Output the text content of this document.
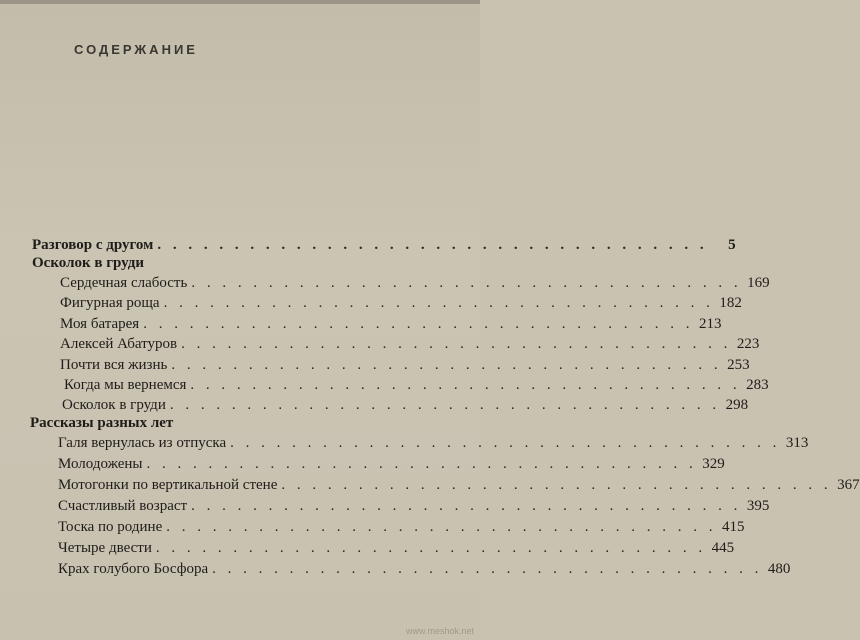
СОДЕРЖАНИЕ
Разговор с другом . . . . . . . . . . . . . . . . . . . . . . . . . . . . . . . . . . . .	5
Осколок в груди
Сердечная слабость . . . . . . . . . . . . . . . . . . . . . . . . . . . . . . . . . . . . 169
Фигурная роща . . . . . . . . . . . . . . . . . . . . . . . . . . . . . . . . . . . . 182
Моя батарея . . . . . . . . . . . . . . . . . . . . . . . . . . . . . . . . . . . . 213
Алексей Абатуров . . . . . . . . . . . . . . . . . . . . . . . . . . . . . . . . . . . . 223
Почти вся жизнь . . . . . . . . . . . . . . . . . . . . . . . . . . . . . . . . . . . . 253
Когда мы вернемся . . . . . . . . . . . . . . . . . . . . . . . . . . . . . . . . . . . . 283
Осколок в груди . . . . . . . . . . . . . . . . . . . . . . . . . . . . . . . . . . . . 298
Рассказы разных лет
Галя вернулась из отпуска . . . . . . . . . . . . . . . . . . . . . . . . . . . . . . . . . . . . 313
Молодожены . . . . . . . . . . . . . . . . . . . . . . . . . . . . . . . . . . . . 329
Мотогонки по вертикальной стене . . . . . . . . . . . . . . . . . . . . . . . . . . . . . . . . . . . . 367
Счастливый возраст . . . . . . . . . . . . . . . . . . . . . . . . . . . . . . . . . . . . 395
Тоска по родине . . . . . . . . . . . . . . . . . . . . . . . . . . . . . . . . . . . . 415
Четыре двести . . . . . . . . . . . . . . . . . . . . . . . . . . . . . . . . . . . . 445
Крах голубого Босфора . . . . . . . . . . . . . . . . . . . . . . . . . . . . . . . . . . . . 480
www.meshok.net
